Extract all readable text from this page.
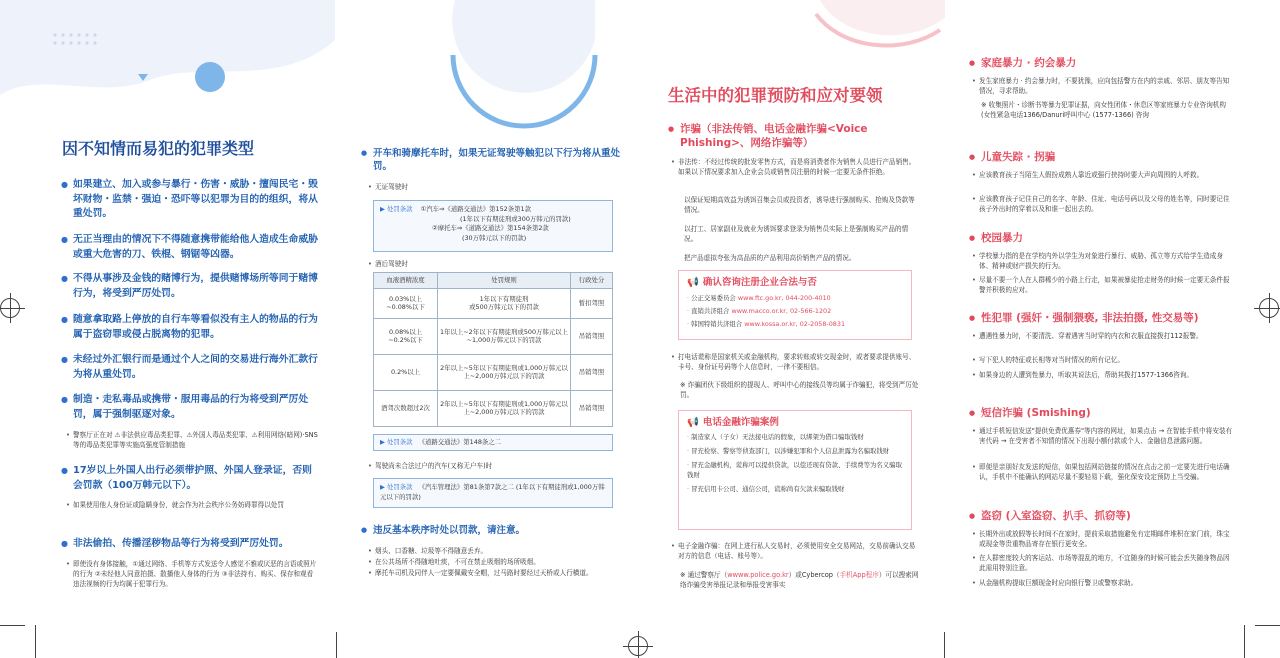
因不知情而易犯的犯罪类型
● 如果建立、加入或参与暴行・伤害・威胁・擅闯民宅・毁坏财物・监禁・强迫・恐吓等以犯罪为目的的组织，将从重处罚。
● 无正当理由的情况下不得随意携带能给他人造成生命威胁或重大危害的刀、铁棍、钢锯等凶器。
● 不得从事涉及金钱的赌博行为，提供赌博场所等同于赌博行为，将受到严厉处罚。
● 随意拿取路上停放的自行车等看似没有主人的物品的行为属于盗窃罪或侵占脱离物的犯罪。
● 未经过外汇银行而是通过个人之间的交易进行海外汇款行为将从重处罚。
● 制造・走私毒品或携带・服用毒品的行为将受到严厉处罚，属于强制驱逐对象。
• 警察厅正在对 ⚠非法供应毒品类犯罪、⚠外国人毒品类犯罪、⚠利用网络(暗网)·SNS等的毒品类犯罪等实施高强度管制措施
● 17岁以上外国人出行必须带护照、外国人登录证，否则会罚款（100万韩元以下）。
• 如果使用他人身份证或隐瞒身份，就会作为社会秩序公务妨碍罪得以处罚
● 非法偷拍、传播淫秽物品等行为将受到严厉处罚。
• 即使没有身体接触，①通过网络、手机等方式发送令人感觉不雅或厌恶的言语或照片的行为 ②未经他人同意拍摄、散播他人身体的行为 ③非法持有、购买、保存和观看违法视频的行为均属于犯罪行为。
● 开车和骑摩托车时，如果无证驾驶等触犯以下行为将从重处罚。
• 无证驾驶时
▶ 处罚条款 ①汽车⇒《道路交通法》第152条第1款
(1年以下有期徒刑或300万韩元的罚款)
②摩托车⇒《道路交通法》第154条第2款
(30万韩元以下的罚款)
• 酒后驾驶时
血液酒精浓度	处罚规则	行政处分
0.03%以上
~0.08%以下	1年以下有期徒刑
或500万韩元以下的罚款	暂扣驾照
0.08%以上
~0.2%以下	1年以上~2年以下有期徒刑或500万韩元以上~1,000万韩元以下的罚款	吊销驾照
0.2%以上	2年以上~5年以下有期徒刑或1,000万韩元以上~2,000万韩元以下的罚款	吊销驾照
酒驾次数超过2次	2年以上~5年以下有期徒刑或1,000万韩元以上~2,000万韩元以下的罚款	吊销驾照
▶ 处罚条款 《道路交通法》第148条之二
• 驾驶尚未合法过户的汽车(又称无户车)时
▶ 处罚条款 《汽车管理法》第81条第7款之二 (1年以下有期徒刑或1,000万韩元以下的罚款)
● 违反基本秩序时处以罚款，请注意。
• 烟头、口香糖、垃圾等不得随意丢弃。
• 在公共场所不得随地吐痰，不可在禁止吸烟的场所吸烟。
• 摩托车司机及同伴人一定要佩戴安全帽，过马路时要经过天桥或人行横道。
生活中的犯罪预防和应对要领
● 诈骗（非法传销、电话金融诈骗<Voice Phishing>、网络诈骗等）
• 非法传：不经过传统的批发零售方式，而是将消费者作为销售人员进行产品销售。如果以下情况要求加入企业会员或销售员注册的时候一定要无条件拒绝。
以保证短期高效益为诱饵召集会员或投资者，诱导进行强制购买、抢购及贷款等情况。
以打工、居家副业及就业为诱饵要求登录为销售员实际上是强制购买产品的情况。
把产品虚拟夸张为高品质的产品利用高价销售产品的情况。
📢 确认咨询注册企业合法与否
· 公正交易委员会 www.ftc.go.kr, 044-200-4010
· 直销共济组合 www.macco.or.kr, 02-566-1202
· 韩国特销共济组合 www.kossa.or.kr, 02-2058-0831
• 打电话谎称是国家机关或金融机构，要求转账或转交现金时，或者要求提供账号、卡号、身份证号码等个人信息时，一律不要相信。
※ 诈骗团伙下级组织的提现人、呼叫中心的接线员等均属于诈骗犯，将受到严厉处罚。
📢 电话金融诈骗案例
· 制造家人（子女）无法接电话的假象，以绑架为借口骗取钱财
· 冒充检察、警察等侦查部门，以涉嫌犯罪和个人信息泄露为名骗取钱财
· 冒充金融机构，谎称可以提供贷款，以偿还现有贷款、手续费等为名义骗取钱财
· 冒充信用卡公司、通信公司，谎称尚有欠款来骗取钱财
• 电子金融诈骗：在网上进行私人交易时，必须使用安全交易网站，交易前确认交易对方的信息（电话、账号等）。
※ 通过警察厅（wwww.police.go.kr）或Cybercop（手机App程序）可以搜索网络诈骗受害举报记录和举报受害事实
● 家庭暴力 · 约会暴力
• 发生家庭暴力 · 约会暴力时，不要犹豫，应向包括警方在内的亲戚、邻居、朋友等告知情况，寻求帮助。
※ 收集照片・诊断书等暴力犯罪证据，向女性团体・休息区等家庭暴力专业咨询机构 (女性紧急电话1366/Danuri呼叫中心 (1577-1366) 咨询
● 儿童失踪 · 拐骗
• 应该教育孩子当陌生人假扮成熟人靠近或强行挟持时要大声向周围的人呼救。
• 应该教育孩子记住自己的名字、年龄、住址、电话号码以及父母的姓名等，同时要记住孩子外出时的穿着以及和谁一起出去的。
● 校园暴力
• 学校暴力指的是在学校内外以学生为对象进行暴行、威胁、孤立等方式给学生造成身体、精神或财产损失的行为。
• 尽量不要一个人在人群稀少的小路上行走，如果被暴徒抢走财务的时候一定要无条件报警并积极的应对。
● 性犯罪 (强奸・强制猥亵, 非法拍摄, 性交易等)
• 遭遇性暴力时，不要清洗、穿着遇害当时穿的内衣和衣服直接拨打112报警。
• 写下犯人的特征或长相等对当时情况的所有记忆。
• 如果身边的人遭到性暴力，听取其说法后，帮助其拨打1577-1366咨询。
● 短信诈骗 (Smishing)
• 通过手机短信发送"提供免费优惠券"等内容的网址，如果点击 → 在智能手机中将安装有害代码 → 在受害者不知情的情况下出现小额付款或个人、金融信息泄露问题。
• 即便是亲朋好友发送的短信，如果包括网站链接的情况在点击之前一定要先进行电话确认，手机中不能确认的网站尽量不要轻易下载，强化保安设定预防上当受骗。
● 盗窃 (入室盗窃、扒手、抓窃等)
• 长期外出或放假等长时间不在家时，提前采取措施避免有定期邮件堆积在家门前，珠宝或现金等贵重物品寄存在银行更安全。
• 在人群密度较大的客运站、市场等混乱的地方，不宜随身的时候可能会丢失随身物品因此需用特别注意。
• 从金融机构提取巨额现金时应向银行警卫或警察求助。
